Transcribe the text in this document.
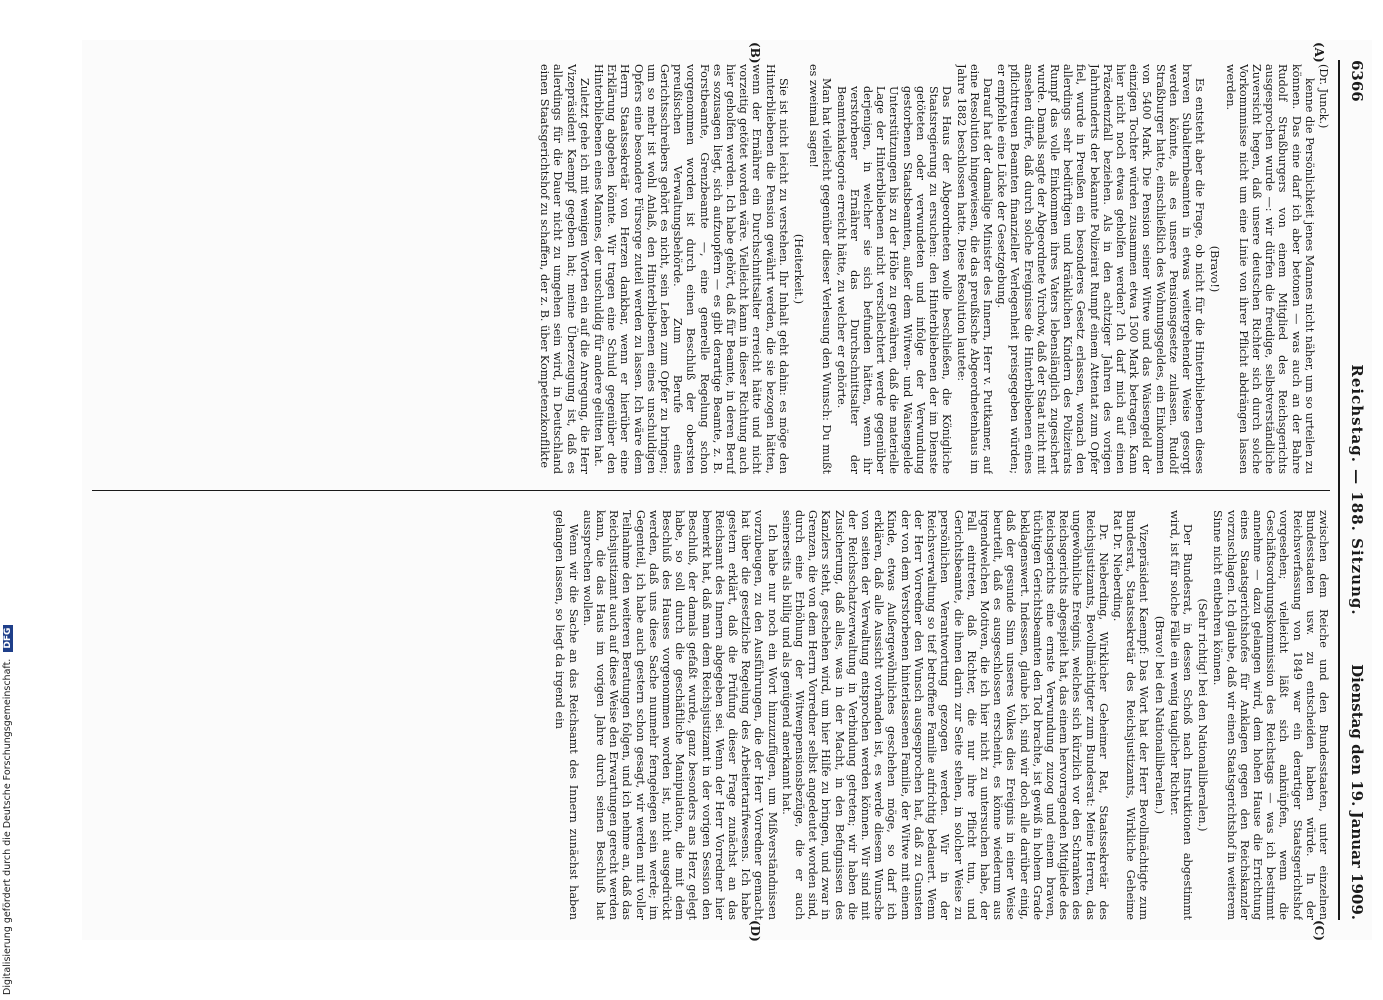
6366
Reichstag. — 188. Sitzung.
Dienstag den 19. Januar 1909.
(A)
(B)
(C)
(D)

(Dr. Junck.)

kenne die Persönlichkeit jenes Mannes nicht näher, um so urteilen zu können. Das eine darf ich aber betonen — was auch an der Bahre Rudolf Straßburgers von einem Mitglied des Reichsgerichts ausgesprochen wurde —: wir dürfen die freudige, selbstverständliche Zuversicht hegen, daß unsere deutschen Richter sich durch solche Vorkommnisse nicht um eine Linie von ihrer Pflicht abdrängen lassen werden.

(Bravo!)

Es entsteht aber die Frage, ob nicht für die Hinterbliebenen dieses braven Subalternbeamten in etwas weitergehender Weise gesorgt werden könnte, als es unsere Pensionsgesetze zulassen. Rudolf Straßburger hatte, einschließlich des Wohnungsgeldes, ein Einkommen von 5400 Mark. Die Pension seiner Witwe und das Waisengeld der einzigen Tochter würden zusammen etwa 1500 Mark betragen. Kann hier nicht noch etwas geholfen werden? Ich darf mich auf einen Präzedenzfall beziehen. Als in den achtziger Jahren des vorigen Jahrhunderts der bekannte Polizeirat Rumpf einem Attentat zum Opfer fiel, wurde in Preußen ein besonderes Gesetz erlassen, wonach den allerdings sehr bedürftigen und kränklichen Kindern des Polizeirats Rumpf das volle Einkommen ihres Vaters lebenslänglich zugesichert wurde. Damals sagte der Abgeordnete Virchow, daß der Staat nicht mit ansehen dürfe, daß durch solche Ereignisse die Hinterbliebenen eines pflichttreuen Beamten finanzieller Verlegenheit preisgegeben würden; er empfehle eine Lücke der Gesetzgebung.

Darauf hat der damalige Minister des Innern, Herr v. Puttkamer, auf eine Resolution hingewiesen, die das preußische Abgeordnetenhaus im Jahre 1882 beschlossen hatte. Diese Resolution lautete:

Das Haus der Abgeordneten wolle beschließen, die Königliche Staatsregierung zu ersuchen: den Hinterbliebenen der im Dienste getöteten oder verwundeten und infolge der Verwundung gestorbenen Staatsbeamten, außer dem Witwen- und Waisengelde Unterstützungen bis zu der Höhe zu gewähren, daß die materielle Lage der Hinterbliebenen nicht verschlechtert werde gegenüber derjenigen, in welcher sie sich befunden hätten, wenn ihr verstorbener Ernährer das Durchschnittsalter der Beamtenkategorie erreicht hätte, zu welcher er gehörte.

Man hat vielleicht gegenüber dieser Verlesung den Wunsch: Du mußt es zweimal sagen!

(Heiterkeit.)

Sie ist nicht leicht zu verstehen. Ihr Inhalt geht dahin: es möge den Hinterbliebenen die Pension gewährt werden, die sie bezogen hätten, wenn der Ernährer ein Durchschnittsalter erreicht hätte und nicht vorzeitig getötet worden wäre. Vielleicht kann in dieser Richtung auch hier geholfen werden. Ich habe gehört, daß für Beamte, in deren Beruf es sozusagen liegt, sich aufzuopfern — es gibt derartige Beamte, z. B. Forstbeamte, Grenzbeamte —, eine generelle Regelung schon vorgenommen worden ist durch einen Beschluß der obersten preußischen Verwaltungsbehörde. Zum Berufe eines Gerichtsschreibers gehört es nicht, sein Leben zum Opfer zu bringen; um so mehr ist wohl Anlaß, den Hinterbliebenen eines unschuldigen Opfers eine besondere Fürsorge zuteil werden zu lassen. Ich wäre dem Herrn Staatssekretär von Herzen dankbar, wenn er hierüber eine Erklärung abgeben könnte. Wir tragen eine Schuld gegenüber den Hinterbliebenen eines Mannes, der unschuldig für andere gelitten hat.

Zuletzt gehe ich mit wenigen Worten ein auf die Anregung, die Herr Vizepräsident Kaempf gegeben hat; meine Überzeugung ist, daß es allerdings für die Dauer nicht zu umgehen sein wird, in Deutschland einen Staatsgerichtshof zu schaffen, der z. B. über Kompetenzkonflikte

zwischen dem Reiche und den Bundesstaaten, unter einzelnen Bundesstaaten usw. zu entscheiden haben würde. In der Reichsverfassung von 1849 war ein derartiger Staatsgerichtshof vorgesehen; vielleicht läßt sich anknüpfen, wenn die Geschäftsordnungskommission des Reichstags — was ich bestimmt annehme — dazu gelangen wird, dem hohen Hause die Errichtung eines Staatsgerichtshofes für Anklagen gegen den Reichskanzler vorzuschlagen. Ich glaube, daß wir einen Staatsgerichtshof in weiterem Sinne nicht entbehren können.

(Sehr richtig! bei den Nationalliberalen.)

Der Bundesrat, in dessen Schoß nach Instruktionen abgestimmt wird, ist für solche Fälle ein wenig tauglicher Richter.

(Bravo! bei den Nationalliberalen.)

Vizepräsident Kaempf: Das Wort hat der Herr Bevollmächtigte zum Bundesrat, Staatssekretär des Reichsjustizamts, Wirkliche Geheime Rat Dr. Nieberding.

Dr. Nieberding, Wirklicher Geheimer Rat, Staatssekretär des Reichsjustizamts, Bevollmächtigter zum Bundesrat: Meine Herren, das ungewöhnliche Ereignis, welches sich kürzlich vor den Schranken des Reichsgerichts abgespielt hat, das einem hervorragenden Mitgliede des Reichsgerichts eine ernste Verwundung zuzog und einem braven, tüchtigen Gerichtsbeamten den Tod brachte, ist gewiß in hohem Grade beklagenswert. Indessen, glaube ich, sind wir doch alle darüber einig, daß der gesunde Sinn unseres Volkes dies Ereignis in einer Weise beurteilt, daß es ausgeschlossen erscheint, es könne wiederum aus irgendwelchen Motiven, die ich hier nicht zu untersuchen habe, der Fall eintreten, daß Richter, die nur ihre Pflicht tun, und Gerichtsbeamte, die ihnen darin zur Seite stehen, in solcher Weise zu persönlichen Verantwortung gezogen werden. Wir in der Reichsverwaltung so tief betroffene Familie aufrichtig bedauert. Wenn der Herr Vorredner den Wunsch ausgesprochen hat, daß zu Gunsten der von dem Verstorbenen hinterlassenen Familie, der Witwe mit einem Kinde, etwas Außergewöhnliches geschehen möge, so darf ich erklären, daß alle Aussicht vorhanden ist, es werde diesem Wunsche von seiten der Verwaltung entsprochen werden können. Wir sind mit der Reichsschatzverwaltung in Verbindung getreten; wir haben die Zusicherung, daß alles, was in der Macht, in den Befugnissen des Kanzlers steht, geschehen wird, um hier Hilfe zu bringen, und zwar in Grenzen, die von dem Herrn Vorredner selbst angedeutet worden sind, durch eine Erhöhung der Witwenpensionsbezüge, die er auch seinerseits als billig und als genügend anerkannt hat.

Ich habe nur noch ein Wort hinzuzufügen, um Mißverständnissen vorzubeugen, zu den Ausführungen, die der Herr Vorredner gemacht hat über die gesetzliche Regelung des Arbeitertarifwesens. Ich habe gestern erklärt, daß die Prüfung dieser Frage zunächst an das Reichsamt des Innern abgegeben sei. Wenn der Herr Vorredner hier bemerkt hat, daß man dem Reichsjustizamt in der vorigen Session den Beschluß, der damals gefaßt wurde, ganz besonders ans Herz gelegt habe, so soll durch die geschäftliche Manipulation, die mit dem Beschluß des Hauses vorgenommen worden ist, nicht ausgedrückt werden, daß uns diese Sache nunmehr ferngelegen sein werde; im Gegenteil, ich habe auch gestern schon gesagt, wir werden mit voller Teilnahme den weiteren Beratungen folgen, und ich nehme an, daß das Reichsjustizamt auch auf diese Weise den Erwartungen gerecht werden kann, die das Haus im vorigen Jahre durch seinen Beschluß hat aussprechen wollen.

Wenn wir die Sache an das Reichsamt des Innern zunächst haben gelangen lassen, so liegt da irgend ein

Digitalisierung gefördert durch die Deutsche Forschungsgemeinschaft. DFG
